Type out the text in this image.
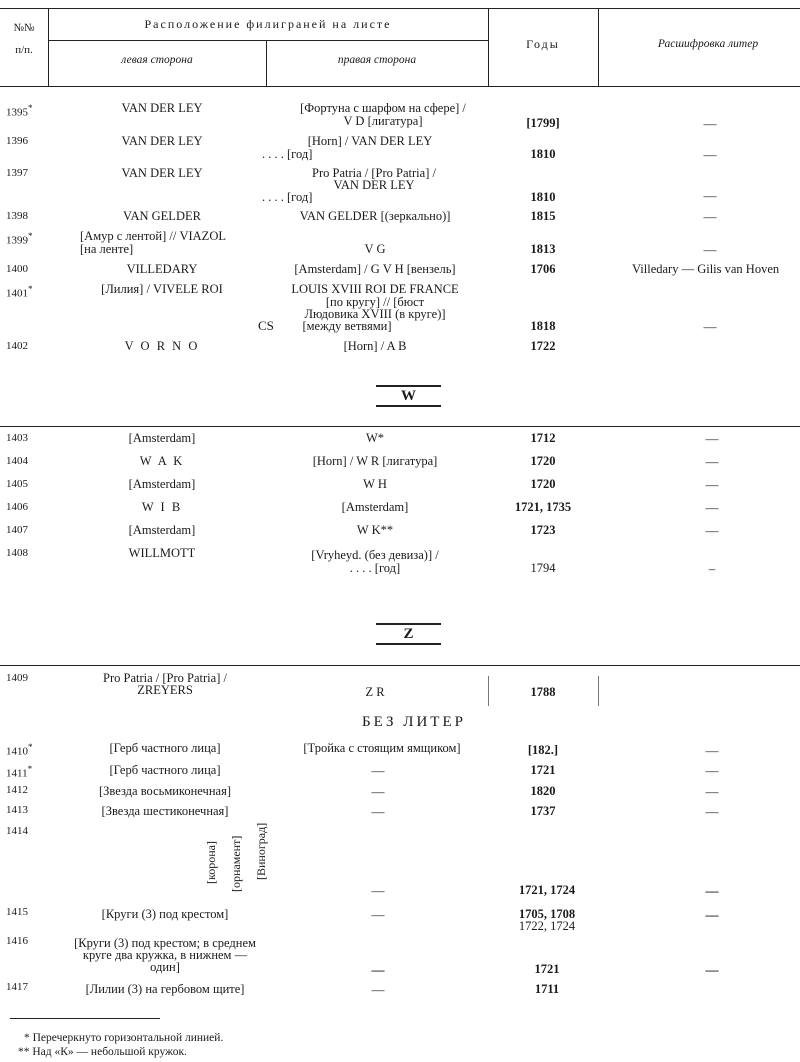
№№
п/п.
Расположение филиграней на листе
левая сторона	правая сторона
Годы	Расшифровка литер
1395*	VAN DER LEY	[Фортуна с шарфом на сфере] /
V D [лигатура]	[1799]	—
1396	VAN DER LEY	[Horn] / VAN DER LEY
. . . . [год]	1810	—
1397	VAN DER LEY	Pro Patria / [Pro Patria] /
VAN DER LEY
. . . . [год]	1810	—
1398	VAN GELDER	VAN GELDER [(зеркально)]	1815	—
1399*	[Амур с лентой] // VIAZOL
[на ленте]	V G	1813	—
1400	VILLEDARY	[Amsterdam] / G V H [вензель]	1706	Villedary — Gilis van Hoven
1401*	[Лилия] / VIVELE ROI	LOUIS XVIII ROI DE FRANCE
[по кругу] // [бюст
Людовика XVIII (в круге)]
[между ветвями]
CS	1818	—
1402	V O R N O	[Horn] / A B	1722
W
1403	[Amsterdam]	W*	1712	—
1404	W A K	[Horn] / W R [лигатура]	1720	—
1405	[Amsterdam]	W H	1720	—
1406	W I B	[Amsterdam]	1721, 1735	—
1407	[Amsterdam]	W K**	1723	—
1408	WILLMOTT	[Vryheyd. (без девиза)] /
. . . . [год]	1794	–
Z
1409	Pro Patria / [Pro Patria] /
ZREYERS	Z R	1788
БЕЗ ЛИТЕР
1410*	[Герб частного лица]	[Тройка с стоящим ямщиком]	[182.]	—
1411*	[Герб частного лица]	—	1721	—
1412	[Звезда восьмиконечная]	—	1820	—
1413	[Звезда шестиконечная]	—	1737	—
1414
[корона] [орнамент] [Виноград]
—	1721, 1724	—
1415	[Круги (3) под крестом]	—	1705, 1708
1722, 1724
—
1416	[Круги (3) под крестом; в среднем
круге два кружка, в нижнем —
один]	—	1721	—
1417	[Лилии (3) на гербовом щите]	—	1711
* Перечеркнуто горизонтальной линией.
** Над «К» — небольшой кружок.
